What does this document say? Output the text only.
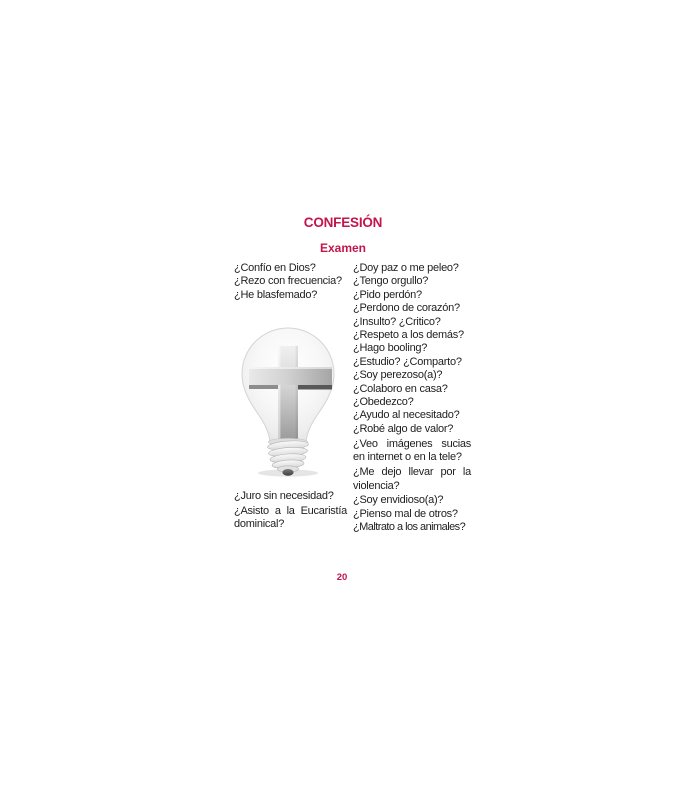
CONFESIÓN
Examen
¿Confío en Dios?
¿Rezo con frecuencia?
¿He blasfemado?
¿Juro sin necesidad?
¿Asisto a la Eucaristía dominical?
¿Doy paz o me peleo?
¿Tengo orgullo?
¿Pido perdón?
¿Perdono de corazón?
¿Insulto? ¿Critico?
¿Respeto a los demás?
¿Hago booling?
¿Estudio? ¿Comparto?
¿Soy perezoso(a)?
¿Colaboro en casa?
¿Obedezco?
¿Ayudo al necesitado?
¿Robé algo de valor?
¿Veo imágenes sucias en internet o en la tele?
¿Me dejo llevar por la violencia?
¿Soy envidioso(a)?
¿Pienso mal de otros?
¿Maltrato a los animales?
20
